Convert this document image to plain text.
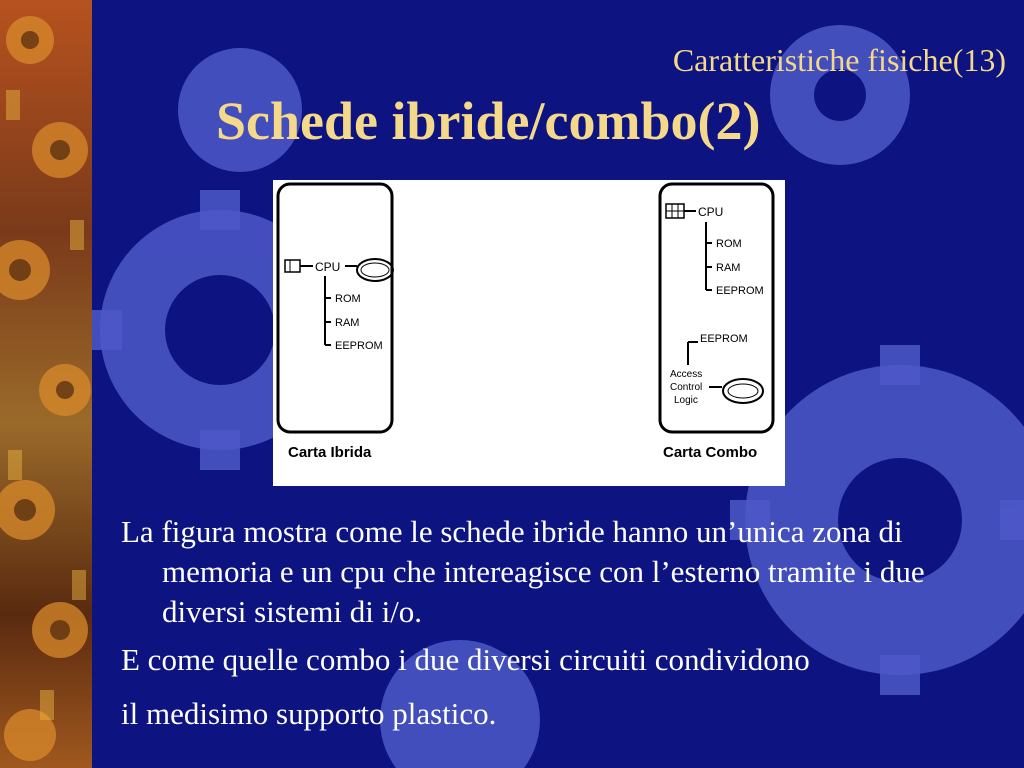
Caratteristiche fisiche(13)
Schede ibride/combo(2)
CPU
ROM
RAM
EEPROM
Carta Ibrida
CPU
ROM
RAM
EEPROM
EEPROM
Access
Control
Logic
Carta Combo

La figura mostra come le schede ibride hanno un’unica zona di memoria e un cpu che intereagisce con l’esterno tramite i due diversi sistemi di i/o.

E come quelle combo i due diversi circuiti condividono

il medisimo supporto plastico.
